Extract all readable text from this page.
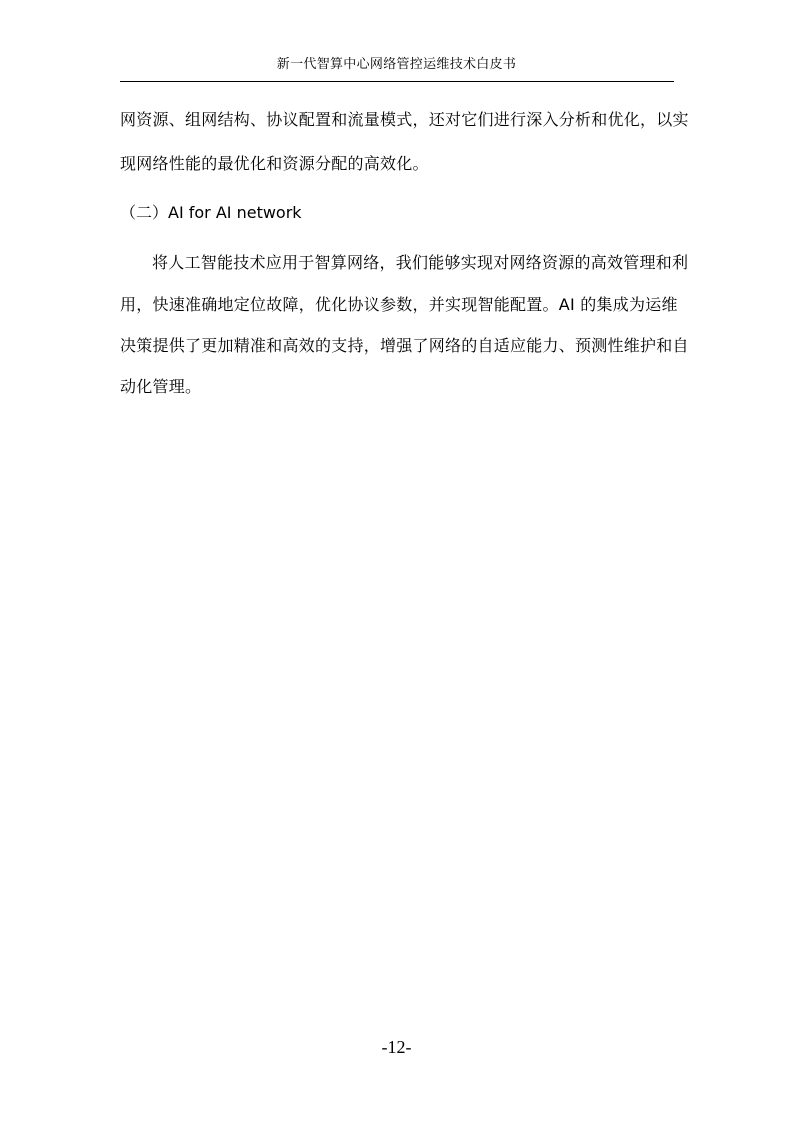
新一代智算中心网络管控运维技术白皮书
网资源、组网结构、协议配置和流量模式，还对它们进行深入分析和优化，以实
现网络性能的最优化和资源分配的高效化。
（二）AI for AI network
将人工智能技术应用于智算网络，我们能够实现对网络资源的高效管理和利
用，快速准确地定位故障，优化协议参数，并实现智能配置。AI 的集成为运维
决策提供了更加精准和高效的支持，增强了网络的自适应能力、预测性维护和自
动化管理。
-12-
